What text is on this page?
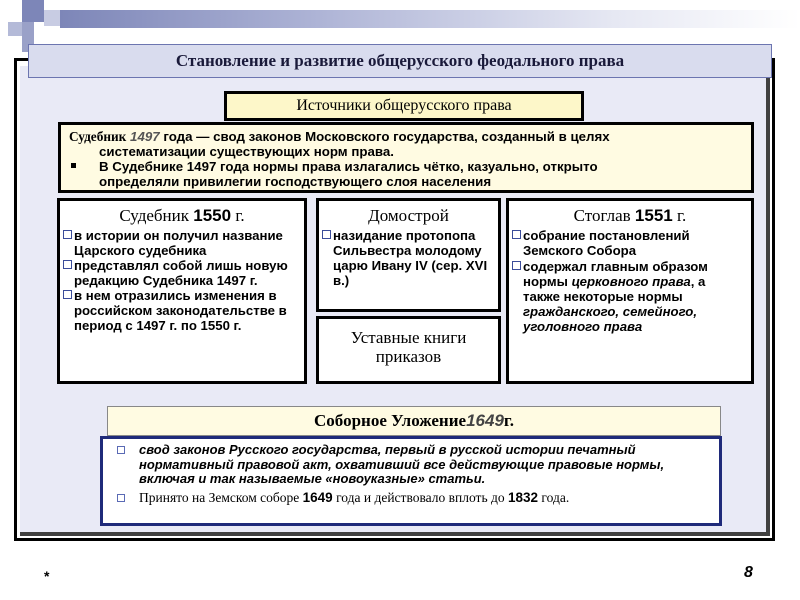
Становление и развитие общерусского феодального права
Источники общерусского права
Судебник 1497 года — свод законов Московского государства, созданный в целях
систематизации существующих норм права.
В Судебнике 1497 года нормы права излагались чётко, казуально, открыто
определяли привилегии господствующего слоя населения
Судебник 1550 г.
в истории он получил название Царского судебника
представлял собой лишь новую редакцию Судебника 1497 г.
в нем отразились изменения в российском законодательстве в период с 1497 г. по 1550 г.
Домострой
назидание протопопа Сильвестра молодому царю Ивану IV (сер. XVI в.)
Уставные книги
приказов
Стоглав 1551 г.
собрание постановлений Земского Собора
содержал главным образом нормы церковного права, а также некоторые нормы гражданского, семейного, уголовного права
Соборное Уложение 1649 г.
свод законов Русского государства, первый в русской истории печатный нормативный правовой акт, охвативший все действующие правовые нормы, включая и так называемые «новоуказные» статьи.
Принято на Земском соборе 1649 года и действовало вплоть до 1832 года.
*	8
